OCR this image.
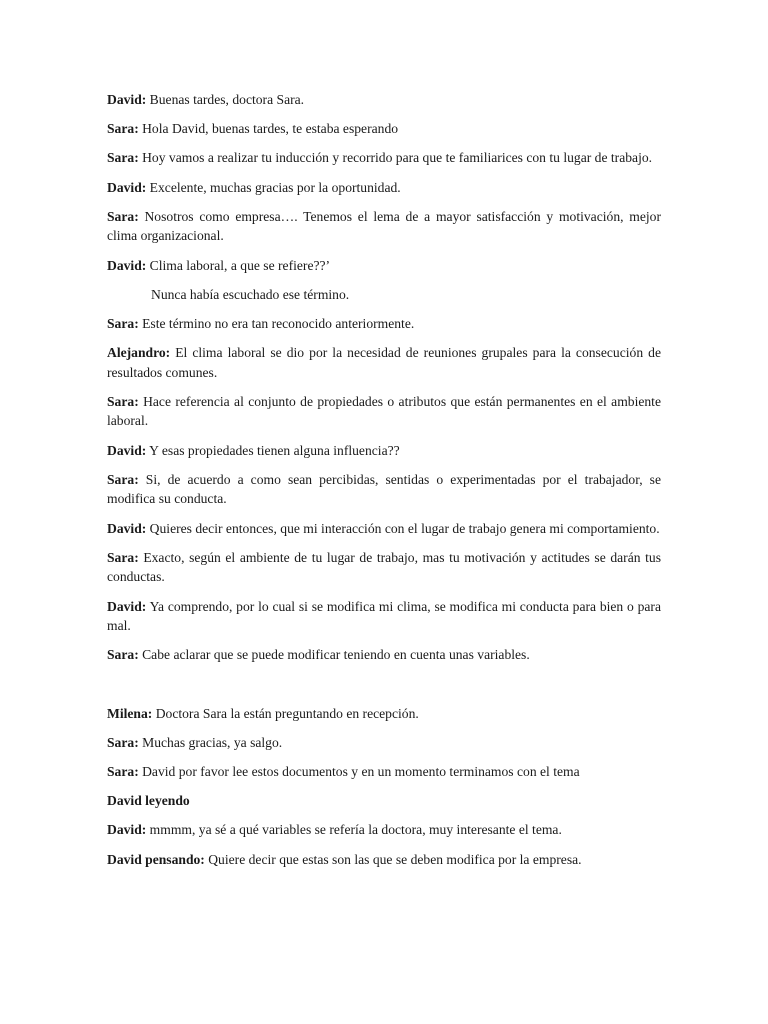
David: Buenas tardes, doctora Sara.

Sara: Hola David, buenas tardes, te estaba esperando

Sara: Hoy vamos a realizar tu inducción y recorrido para que te familiarices con tu lugar de trabajo.

David: Excelente, muchas gracias por la oportunidad.

Sara: Nosotros como empresa…. Tenemos el lema de a mayor satisfacción y motivación, mejor clima organizacional.

David: Clima laboral, a que se refiere??’

Nunca había escuchado ese término.

Sara: Este término no era tan reconocido anteriormente.

Alejandro: El clima laboral se dio por la necesidad de reuniones grupales para la consecución de resultados comunes.

Sara: Hace referencia al conjunto de propiedades o atributos que están permanentes en el ambiente laboral.

David: Y esas propiedades tienen alguna influencia??

Sara: Si, de acuerdo a como sean percibidas, sentidas o experimentadas por el trabajador, se modifica su conducta.

David: Quieres decir entonces, que mi interacción con el lugar de trabajo genera mi comportamiento.

Sara: Exacto, según el ambiente de tu lugar de trabajo, mas tu motivación y actitudes se darán tus conductas.

David: Ya comprendo, por lo cual si se modifica mi clima, se modifica mi conducta para bien o para mal.

Sara: Cabe aclarar que se puede modificar teniendo en cuenta unas variables.

Milena: Doctora Sara la están preguntando en recepción.

Sara: Muchas gracias, ya salgo.

Sara: David por favor lee estos documentos y en un momento terminamos con el tema

David leyendo

David: mmmm, ya sé a qué variables se refería la doctora, muy interesante el tema.

David pensando: Quiere decir que estas son las que se deben modifica por la empresa.
